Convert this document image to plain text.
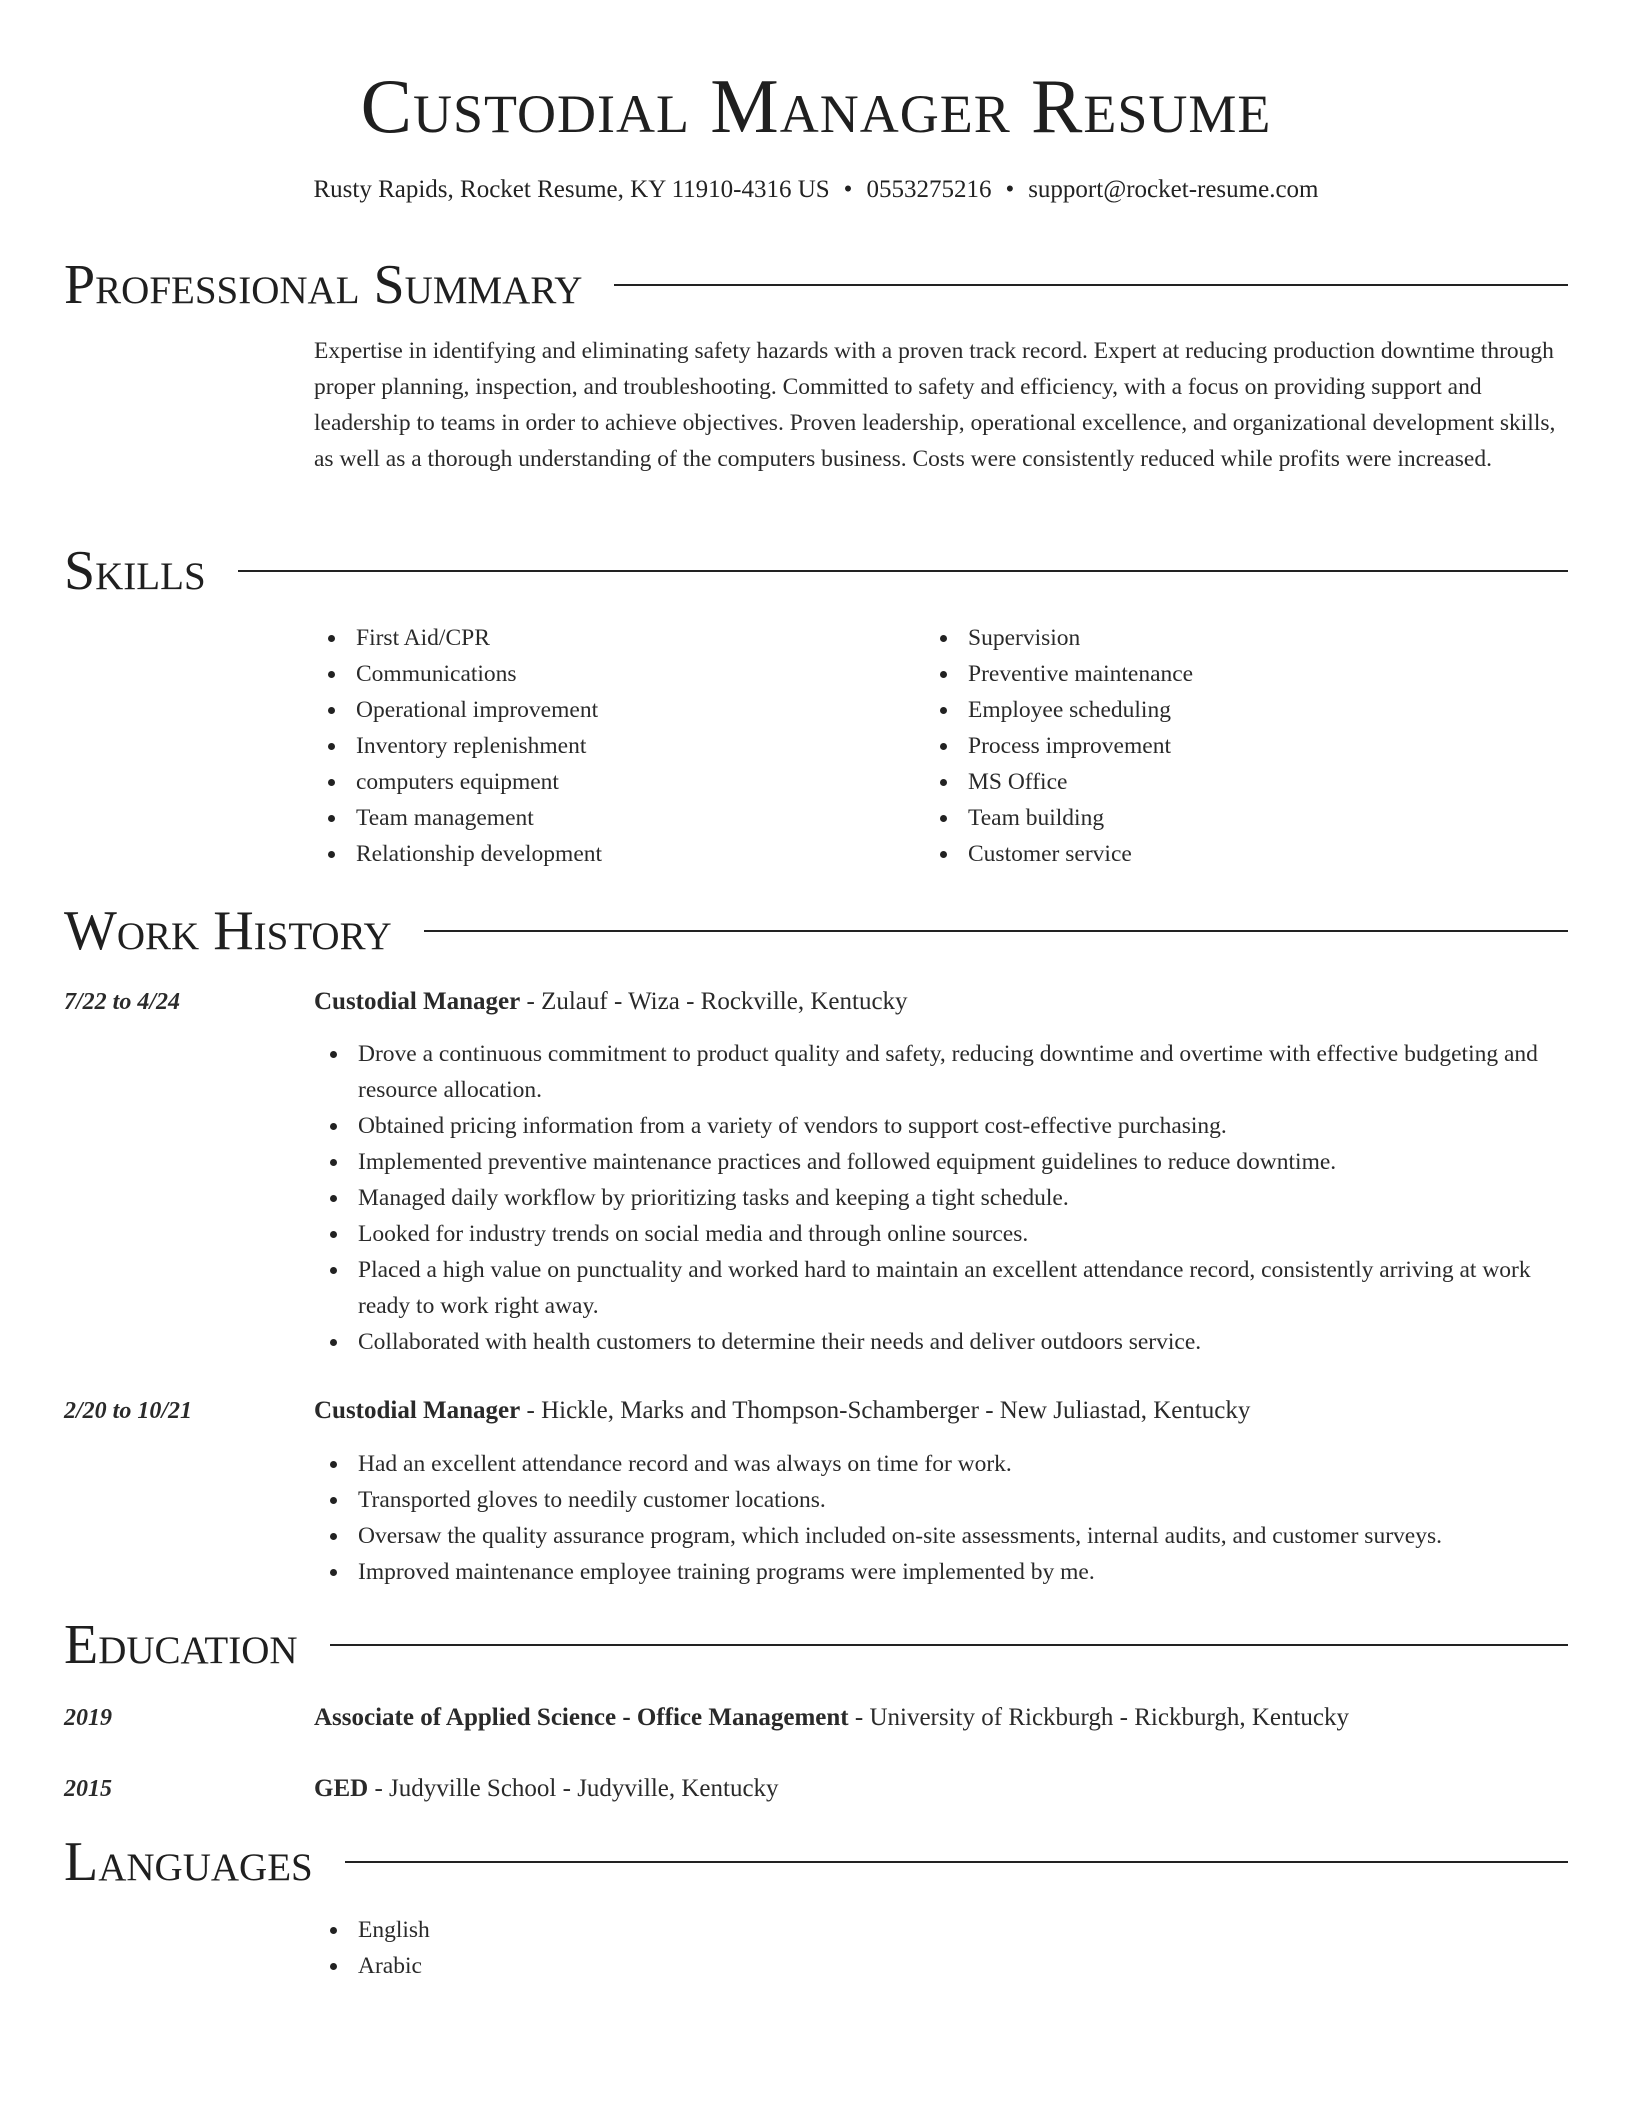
Custodial Manager Resume
Rusty Rapids, Rocket Resume, KY 11910-4316 US • 0553275216 • support@rocket-resume.com
Professional Summary

Expertise in identifying and eliminating safety hazards with a proven track record. Expert at reducing production downtime through proper planning, inspection, and troubleshooting. Committed to safety and efficiency, with a focus on providing support and leadership to teams in order to achieve objectives. Proven leadership, operational excellence, and organizational development skills, as well as a thorough understanding of the computers business. Costs were consistently reduced while profits were increased.

Skills
First Aid/CPR
Communications
Operational improvement
Inventory replenishment
computers equipment
Team management
Relationship development
Supervision
Preventive maintenance
Employee scheduling
Process improvement
MS Office
Team building
Customer service
Work History
7/22 to 4/24	Custodial Manager - Zulauf - Wiza - Rockville, Kentucky
Drove a continuous commitment to product quality and safety, reducing downtime and overtime with effective budgeting and resource allocation.
Obtained pricing information from a variety of vendors to support cost-effective purchasing.
Implemented preventive maintenance practices and followed equipment guidelines to reduce downtime.
Managed daily workflow by prioritizing tasks and keeping a tight schedule.
Looked for industry trends on social media and through online sources.
Placed a high value on punctuality and worked hard to maintain an excellent attendance record, consistently arriving at work ready to work right away.
Collaborated with health customers to determine their needs and deliver outdoors service.
2/20 to 10/21	Custodial Manager - Hickle, Marks and Thompson-Schamberger - New Juliastad, Kentucky
Had an excellent attendance record and was always on time for work.
Transported gloves to needily customer locations.
Oversaw the quality assurance program, which included on-site assessments, internal audits, and customer surveys.
Improved maintenance employee training programs were implemented by me.
Education
2019	Associate of Applied Science - Office Management - University of Rickburgh - Rickburgh, Kentucky
2015	GED - Judyville School - Judyville, Kentucky
Languages
English
Arabic
